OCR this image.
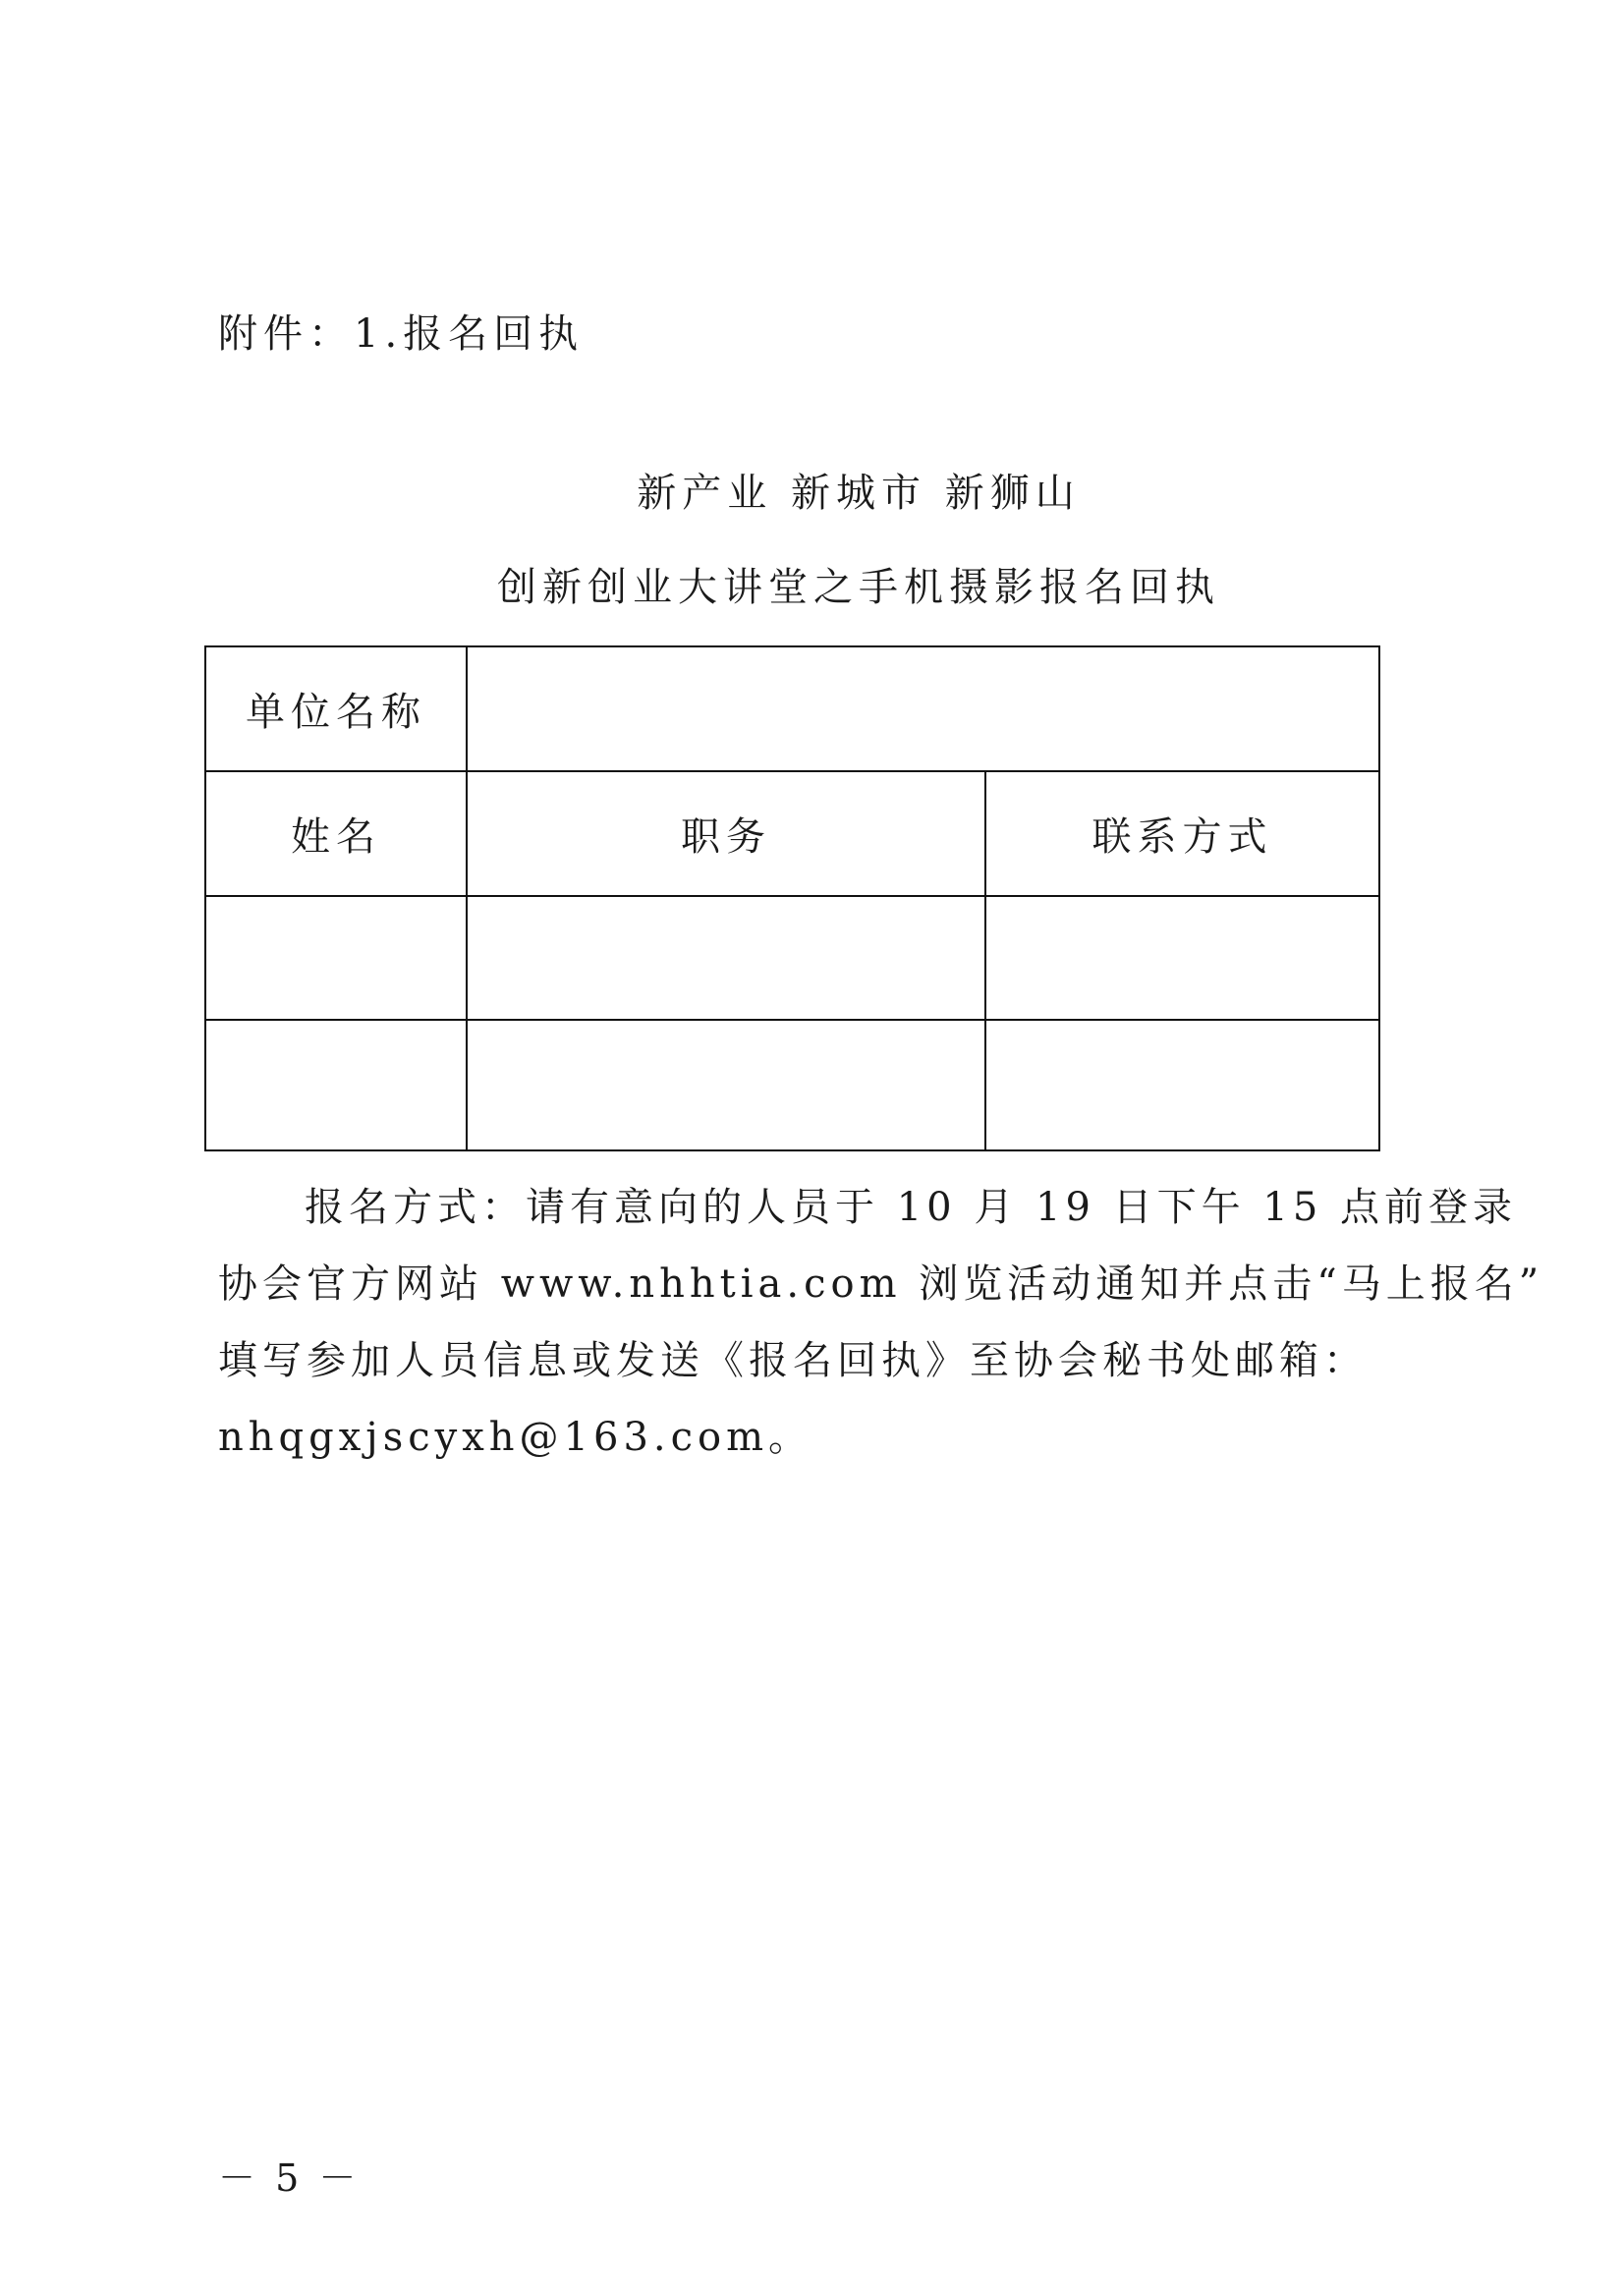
附件：1.报名回执
新产业 新城市 新狮山
创新创业大讲堂之手机摄影报名回执
单位名称		
姓名	职务	联系方式

报名方式：请有意向的人员于 10 月 19 日下午 15 点前登录

协会官方网站 www.nhhtia.com 浏览活动通知并点击“马上报名”

填写参加人员信息或发送《报名回执》至协会秘书处邮箱：

nhqgxjscyxh@163.com。

－ 5 －
